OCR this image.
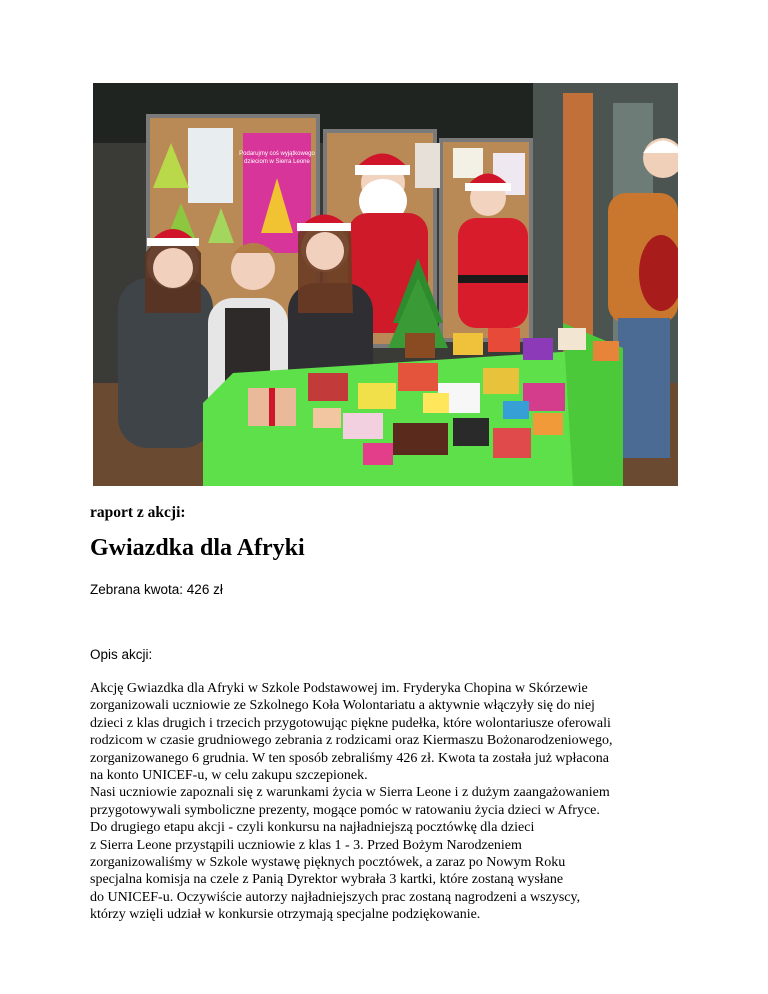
Podarujmy coś wyjątkowego
dzieciom w Sierra Leone
raport z akcji:
Gwiazdka dla Afryki
Zebrana kwota: 426 zł
Opis akcji:
Akcję Gwiazdka dla Afryki w Szkole Podstawowej im. Fryderyka Chopina w Skórzewie
zorganizowali uczniowie ze Szkolnego Koła Wolontariatu a aktywnie włączyły się do niej
dzieci z klas drugich i trzecich przygotowując piękne pudełka, które wolontariusze oferowali
rodzicom w czasie grudniowego zebrania z rodzicami oraz Kiermaszu Bożonarodzeniowego,
zorganizowanego 6 grudnia. W ten sposób zebraliśmy 426 zł. Kwota ta została już wpłacona
na konto UNICEF-u, w celu zakupu szczepionek.
Nasi uczniowie zapoznali się z warunkami życia w Sierra Leone i z dużym zaangażowaniem
przygotowywali symboliczne prezenty, mogące pomóc w ratowaniu życia dzieci w Afryce.
Do drugiego etapu akcji - czyli konkursu na najładniejszą pocztówkę dla dzieci
z Sierra Leone przystąpili uczniowie z klas 1 - 3. Przed Bożym Narodzeniem
zorganizowaliśmy w Szkole wystawę pięknych pocztówek, a zaraz po Nowym Roku
specjalna komisja na czele z Panią Dyrektor wybrała 3 kartki, które zostaną wysłane
do UNICEF-u. Oczywiście autorzy najładniejszych prac zostaną nagrodzeni a wszyscy,
którzy wzięli udział w konkursie otrzymają specjalne podziękowanie.
